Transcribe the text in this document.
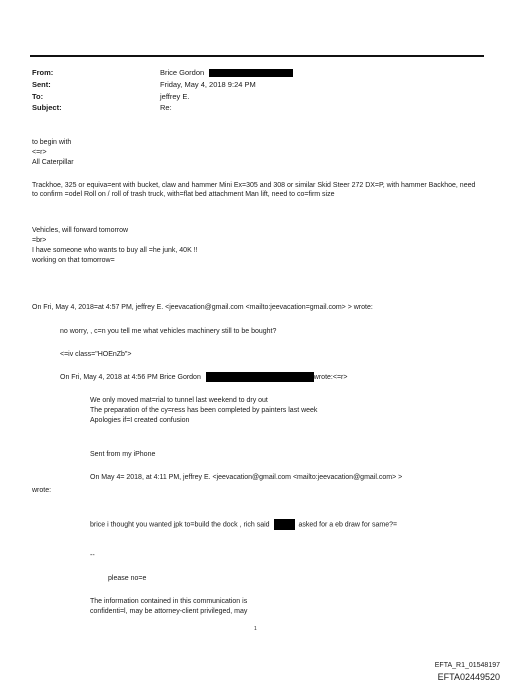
From:	Brice Gordon
Sent:	Friday, May 4, 2018 9:24 PM
To:	jeffrey E.
Subject:	Re:
to begin with
<=r>
All Caterpillar
Trackhoe, 325 or equiva=ent with bucket, claw and hammer Mini Ex=305 and 308 or similar Skid Steer 272 DX=P, with hammer Backhoe, need to confirm =odel Roll on / roll of trash truck, with=flat bed attachment Man lift, need to co=firm size
Vehicles, will forward tomorrow
=br>
I have someone who wants to buy all =he junk, 40K !!
working on that tomorrow=
On Fri, May 4, 2018=at 4:57 PM, jeffrey E. <jeevacation@gmail.com <mailto:jeevacation=gmail.com> > wrote:
no worry, , c=n you tell me what vehicles machinery still to be bought?
<=iv class="HOEnZb">
On Fri, May 4, 2018 at 4:56 PM Brice Gordon	wrote:<=r>
We only moved mat=rial to tunnel last weekend to dry out
The preparation of the cy=ress has been completed by painters last week
Apologies if=I created confusion
Sent from my iPhone
On May 4= 2018, at 4:11 PM, jeffrey E. <jeevacation@gmail.com <mailto:jeevacation@gmail.com> >
wrote:
brice i thought you wanted jpk to=build the dock , rich said	asked for a eb draw for same?=
--
please no=e
The information contained in this communication is
confidenti=l, may be attorney-client privileged, may
1
EFTA_R1_01548197
EFTA02449520
